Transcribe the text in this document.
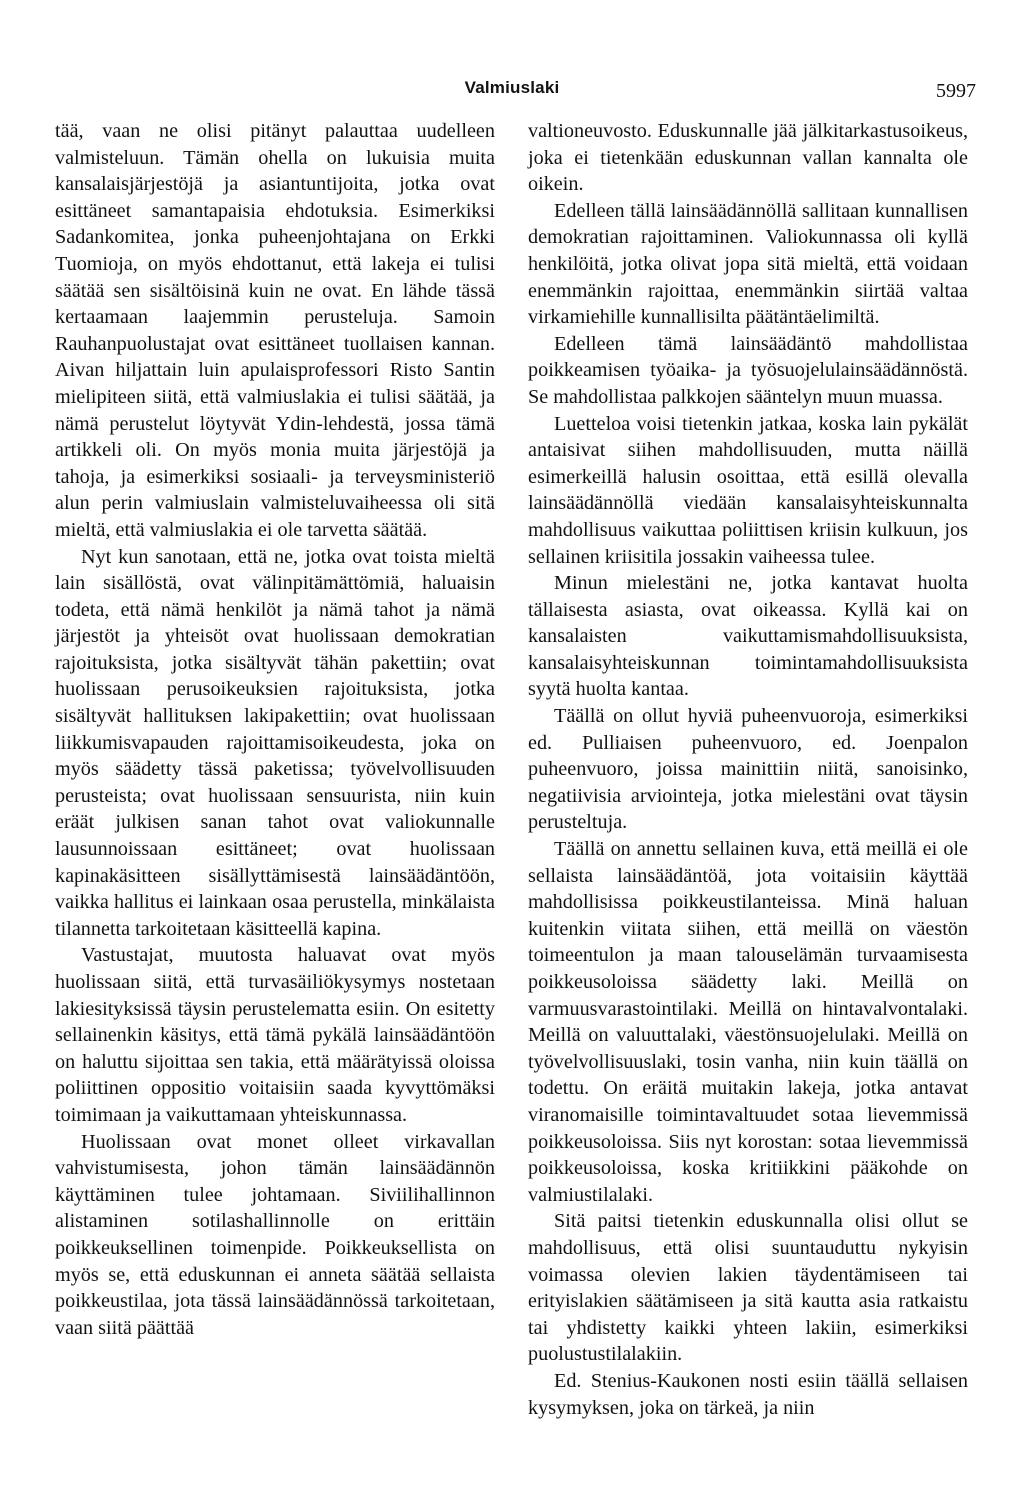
Valmiuslaki	5997

tää, vaan ne olisi pitänyt palauttaa uudelleen valmisteluun. Tämän ohella on lukuisia muita kansalaisjärjestöjä ja asiantuntijoita, jotka ovat esittäneet samantapaisia ehdotuksia. Esimerkiksi Sadankomitea, jonka puheenjohtajana on Erkki Tuomioja, on myös ehdottanut, että lakeja ei tulisi säätää sen sisältöisinä kuin ne ovat. En lähde tässä kertaamaan laajemmin perusteluja. Samoin Rauhanpuolustajat ovat esittäneet tuollaisen kannan. Aivan hiljattain luin apulaisprofessori Risto Santin mielipiteen siitä, että valmiuslakia ei tulisi säätää, ja nämä perustelut löytyvät Ydin-lehdestä, jossa tämä artikkeli oli. On myös monia muita järjestöjä ja tahoja, ja esimerkiksi sosiaali- ja terveysministeriö alun perin valmiuslain valmisteluvaiheessa oli sitä mieltä, että valmiuslakia ei ole tarvetta säätää.

Nyt kun sanotaan, että ne, jotka ovat toista mieltä lain sisällöstä, ovat välinpitämättömiä, haluaisin todeta, että nämä henkilöt ja nämä tahot ja nämä järjestöt ja yhteisöt ovat huolissaan demokratian rajoituksista, jotka sisältyvät tähän pakettiin; ovat huolissaan perusoikeuksien rajoituksista, jotka sisältyvät hallituksen lakipakettiin; ovat huolissaan liikkumisvapauden rajoittamisoikeudesta, joka on myös säädetty tässä paketissa; työvelvollisuuden perusteista; ovat huolissaan sensuurista, niin kuin eräät julkisen sanan tahot ovat valiokunnalle lausunnoissaan esittäneet; ovat huolissaan kapinakäsitteen sisällyttämisestä lainsäädäntöön, vaikka hallitus ei lainkaan osaa perustella, minkälaista tilannetta tarkoitetaan käsitteellä kapina.

Vastustajat, muutosta haluavat ovat myös huolissaan siitä, että turvasäiliökysymys nostetaan lakiesityksissä täysin perustelematta esiin. On esitetty sellainenkin käsitys, että tämä pykälä lainsäädäntöön on haluttu sijoittaa sen takia, että määrätyissä oloissa poliittinen oppositio voitaisiin saada kyvyttömäksi toimimaan ja vaikuttamaan yhteiskunnassa.

Huolissaan ovat monet olleet virkavallan vahvistumisesta, johon tämän lainsäädännön käyttäminen tulee johtamaan. Siviilihallinnon alistaminen sotilashallinnolle on erittäin poikkeuksellinen toimenpide. Poikkeuksellista on myös se, että eduskunnan ei anneta säätää sellaista poikkeustilaa, jota tässä lainsäädännössä tarkoitetaan, vaan siitä päättää

valtioneuvosto. Eduskunnalle jää jälkitarkastusoikeus, joka ei tietenkään eduskunnan vallan kannalta ole oikein.

Edelleen tällä lainsäädännöllä sallitaan kunnallisen demokratian rajoittaminen. Valiokunnassa oli kyllä henkilöitä, jotka olivat jopa sitä mieltä, että voidaan enemmänkin rajoittaa, enemmänkin siirtää valtaa virkamiehille kunnallisilta päätäntäelimiltä.

Edelleen tämä lainsäädäntö mahdollistaa poikkeamisen työaika- ja työsuojelulainsäädännöstä. Se mahdollistaa palkkojen sääntelyn muun muassa.

Luetteloa voisi tietenkin jatkaa, koska lain pykälät antaisivat siihen mahdollisuuden, mutta näillä esimerkeillä halusin osoittaa, että esillä olevalla lainsäädännöllä viedään kansalaisyhteiskunnalta mahdollisuus vaikuttaa poliittisen kriisin kulkuun, jos sellainen kriisitila jossakin vaiheessa tulee.

Minun mielestäni ne, jotka kantavat huolta tällaisesta asiasta, ovat oikeassa. Kyllä kai on kansalaisten vaikuttamismahdollisuuksista, kansalaisyhteiskunnan toimintamahdollisuuksista syytä huolta kantaa.

Täällä on ollut hyviä puheenvuoroja, esimerkiksi ed. Pulliaisen puheenvuoro, ed. Joenpalon puheenvuoro, joissa mainittiin niitä, sanoisinko, negatiivisia arviointeja, jotka mielestäni ovat täysin perusteltuja.

Täällä on annettu sellainen kuva, että meillä ei ole sellaista lainsäädäntöä, jota voitaisiin käyttää mahdollisissa poikkeustilanteissa. Minä haluan kuitenkin viitata siihen, että meillä on väestön toimeentulon ja maan talouselämän turvaamisesta poikkeusoloissa säädetty laki. Meillä on varmuusvarastointilaki. Meillä on hintavalvontalaki. Meillä on valuuttalaki, väestönsuojelulaki. Meillä on työvelvollisuuslaki, tosin vanha, niin kuin täällä on todettu. On eräitä muitakin lakeja, jotka antavat viranomaisille toimintavaltuudet sotaa lievemmissä poikkeusoloissa. Siis nyt korostan: sotaa lievemmissä poikkeusoloissa, koska kritiikkini pääkohde on valmiustilalaki.

Sitä paitsi tietenkin eduskunnalla olisi ollut se mahdollisuus, että olisi suuntauduttu nykyisin voimassa olevien lakien täydentämiseen tai erityislakien säätämiseen ja sitä kautta asia ratkaistu tai yhdistetty kaikki yhteen lakiin, esimerkiksi puolustustilalakiin.

Ed. Stenius-Kaukonen nosti esiin täällä sellaisen kysymyksen, joka on tärkeä, ja niin
